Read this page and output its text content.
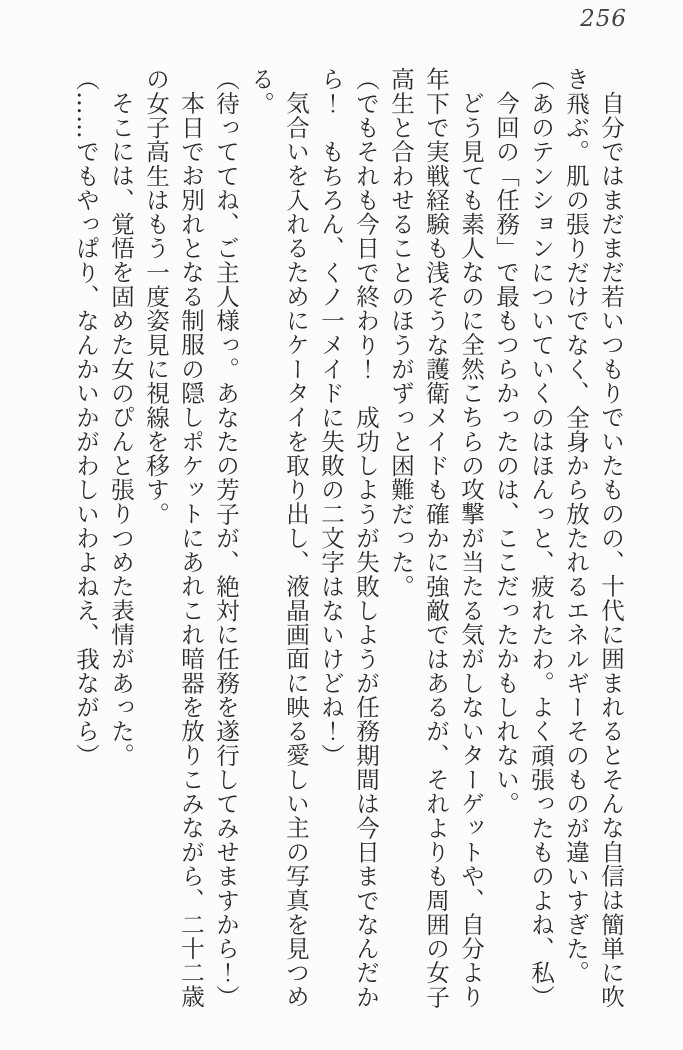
256

自分ではまだまだ若いつもりでいたものの、十代に囲まれるとそんな自信は簡単に吹き飛ぶ。肌の張りだけでなく、全身から放たれるエネルギーそのものが違いすぎた。

（あのテンションについていくのはほんっと、疲れたわ。よく頑張ったものよね、私）

今回の「任務」で最もつらかったのは、ここだったかもしれない。

どう見ても素人なのに全然こちらの攻撃が当たる気がしないターゲットや、自分より年下で実戦経験も浅そうな護衛メイドも確かに強敵ではあるが、それよりも周囲の女子高生と合わせることのほうがずっと困難だった。

（でもそれも今日で終わり！　成功しようが失敗しようが任務期間は今日までなんだから！　もちろん、くノ一メイドに失敗の二文字はないけどね！）

気合いを入れるためにケータイを取り出し、液晶画面に映る愛しい主の写真を見つめる。

（待っててね、ご主人様っ。あなたの芳子が、絶対に任務を遂行してみせますから！）

本日でお別れとなる制服の隠しポケットにあれこれ暗器を放りこみながら、二十二歳の女子高生はもう一度姿見に視線を移す。

そこには、覚悟を固めた女のぴんと張りつめた表情があった。

（……でもやっぱり、なんかいかがわしいわよねえ、我ながら）
